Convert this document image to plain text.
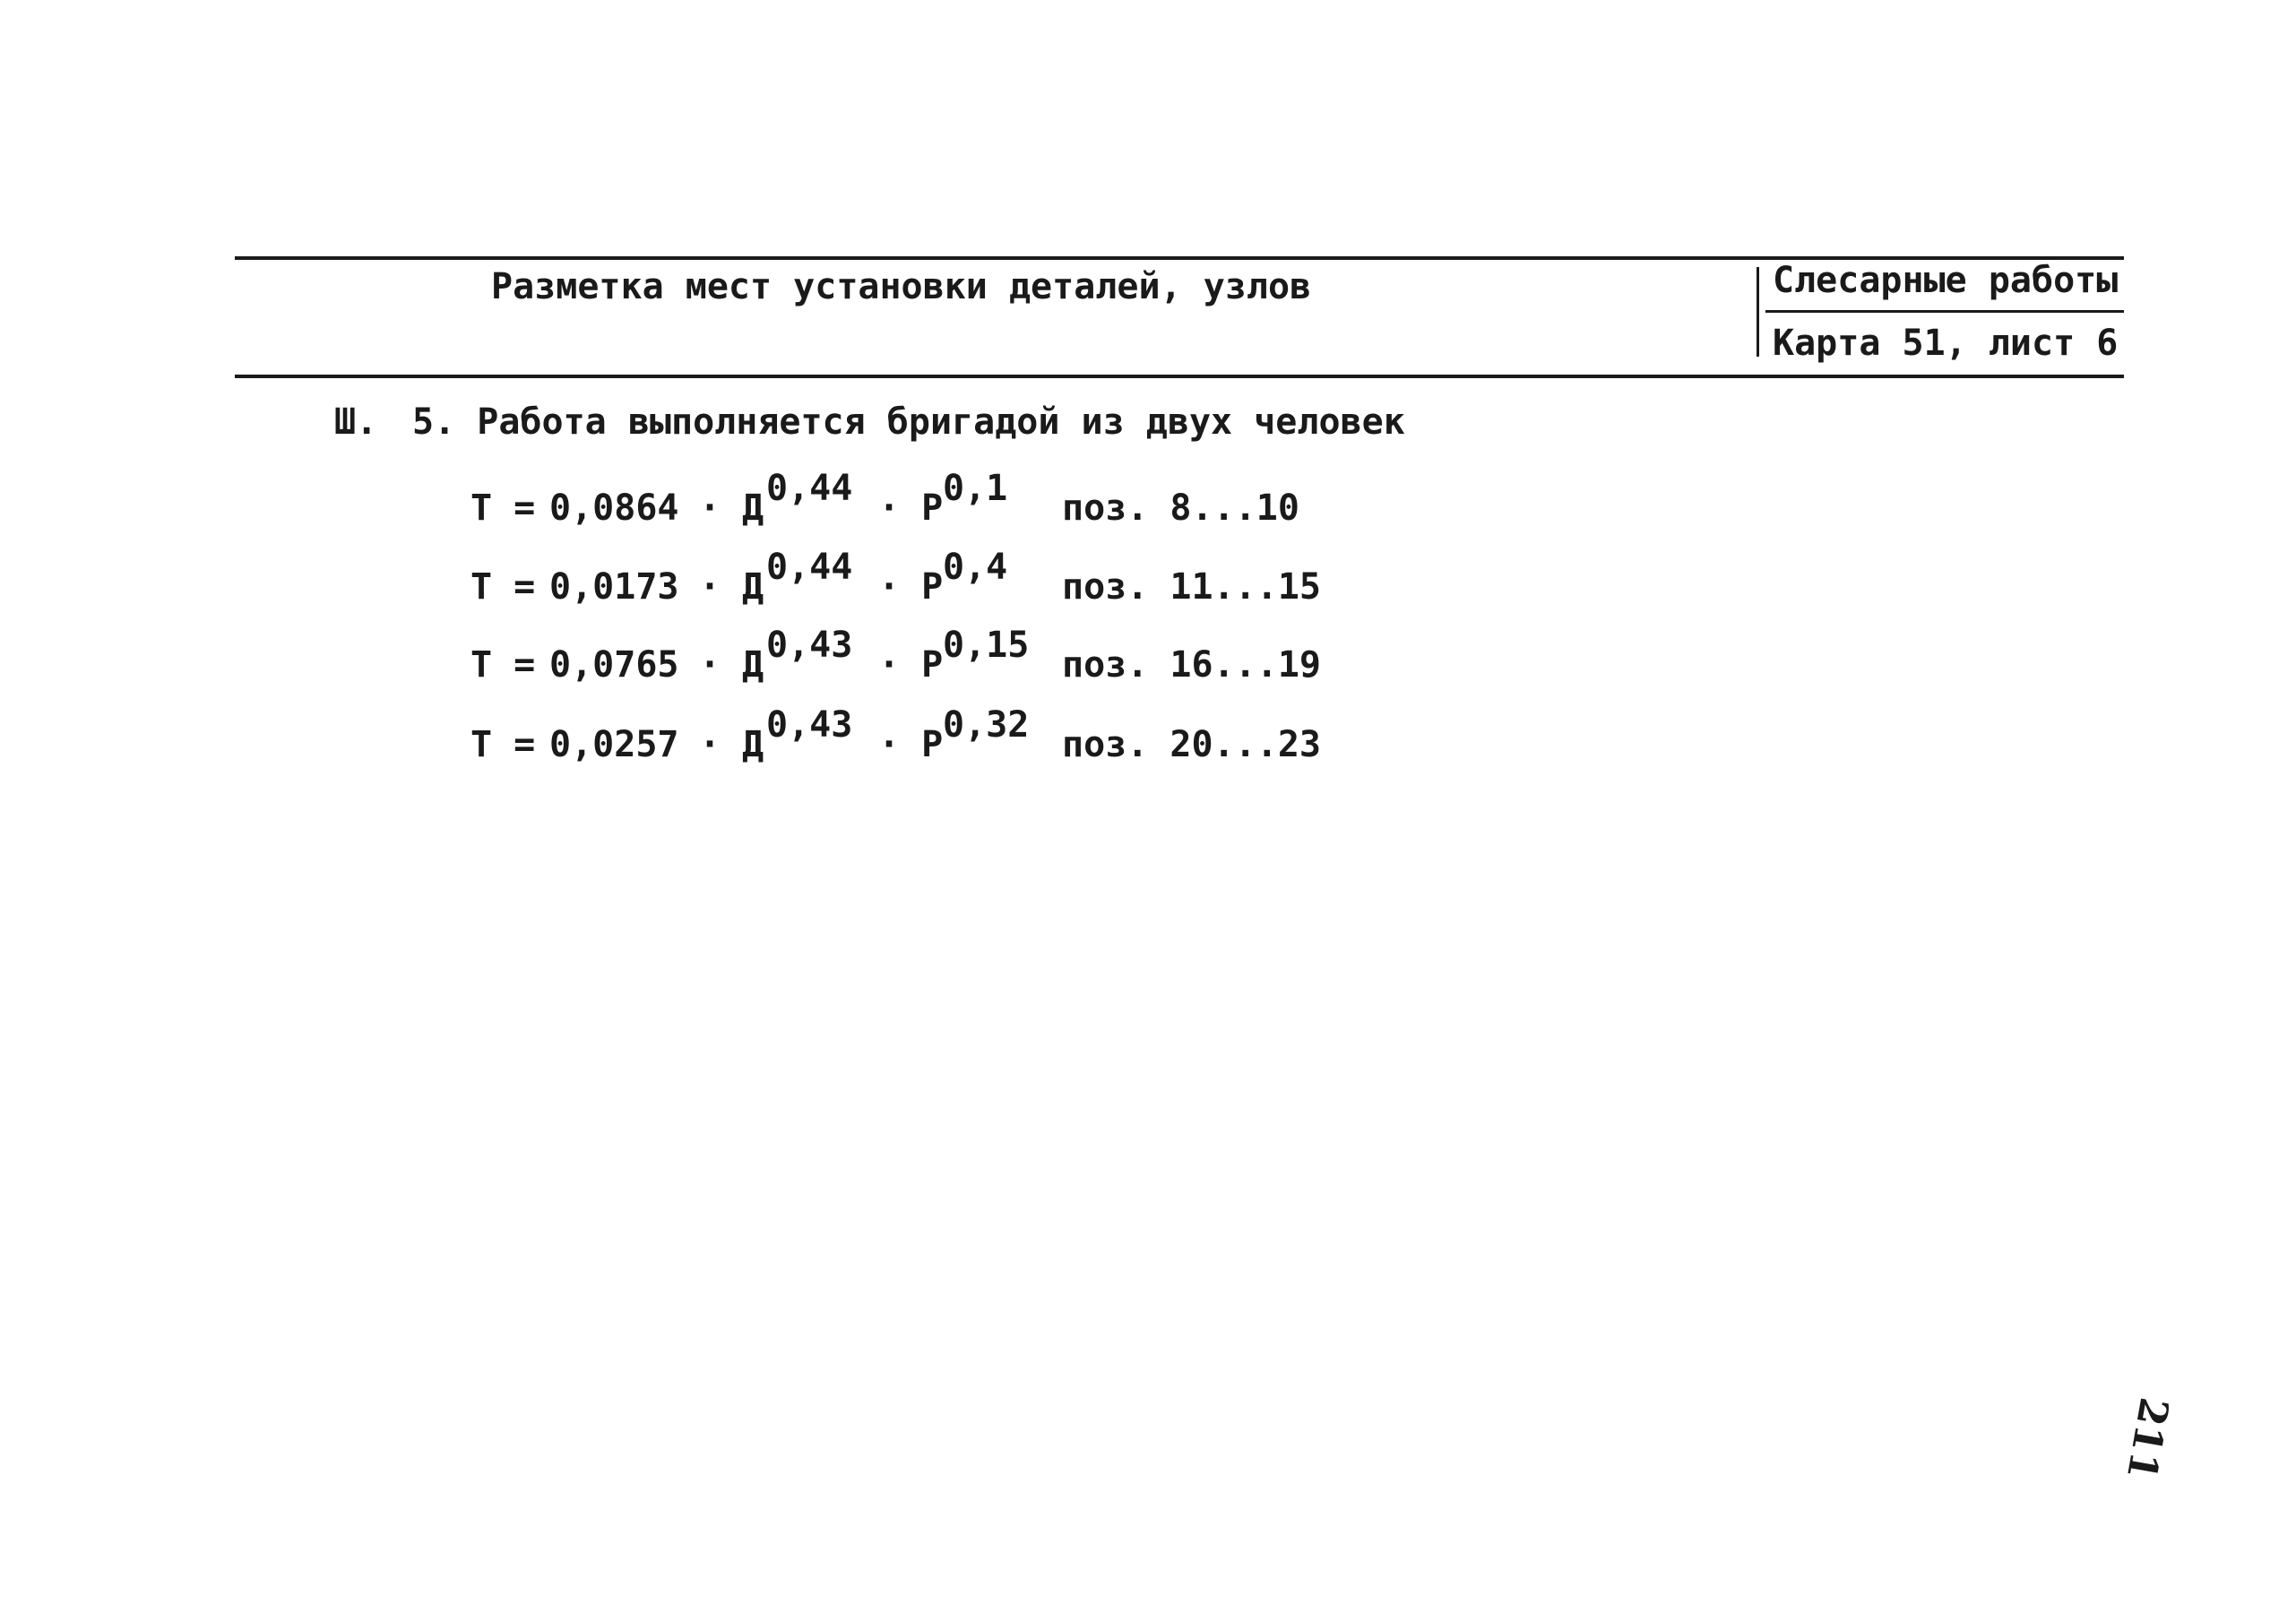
Разметка мест установки деталей, узлов	Слесарные работы
Карта 51, лист 6
Ш. 5. Работа выполняется бригадой из двух человек
Т = 0,0864 · Д 0,44 · Р 0,1 поз. 8...10
Т = 0,0173 · Д 0,44 · Р 0,4 поз. 11...15
Т = 0,0765 · Д 0,43 · Р 0,15 поз. 16...19
Т = 0,0257 · Д 0,43 · Р 0,32 поз. 20...23
211
